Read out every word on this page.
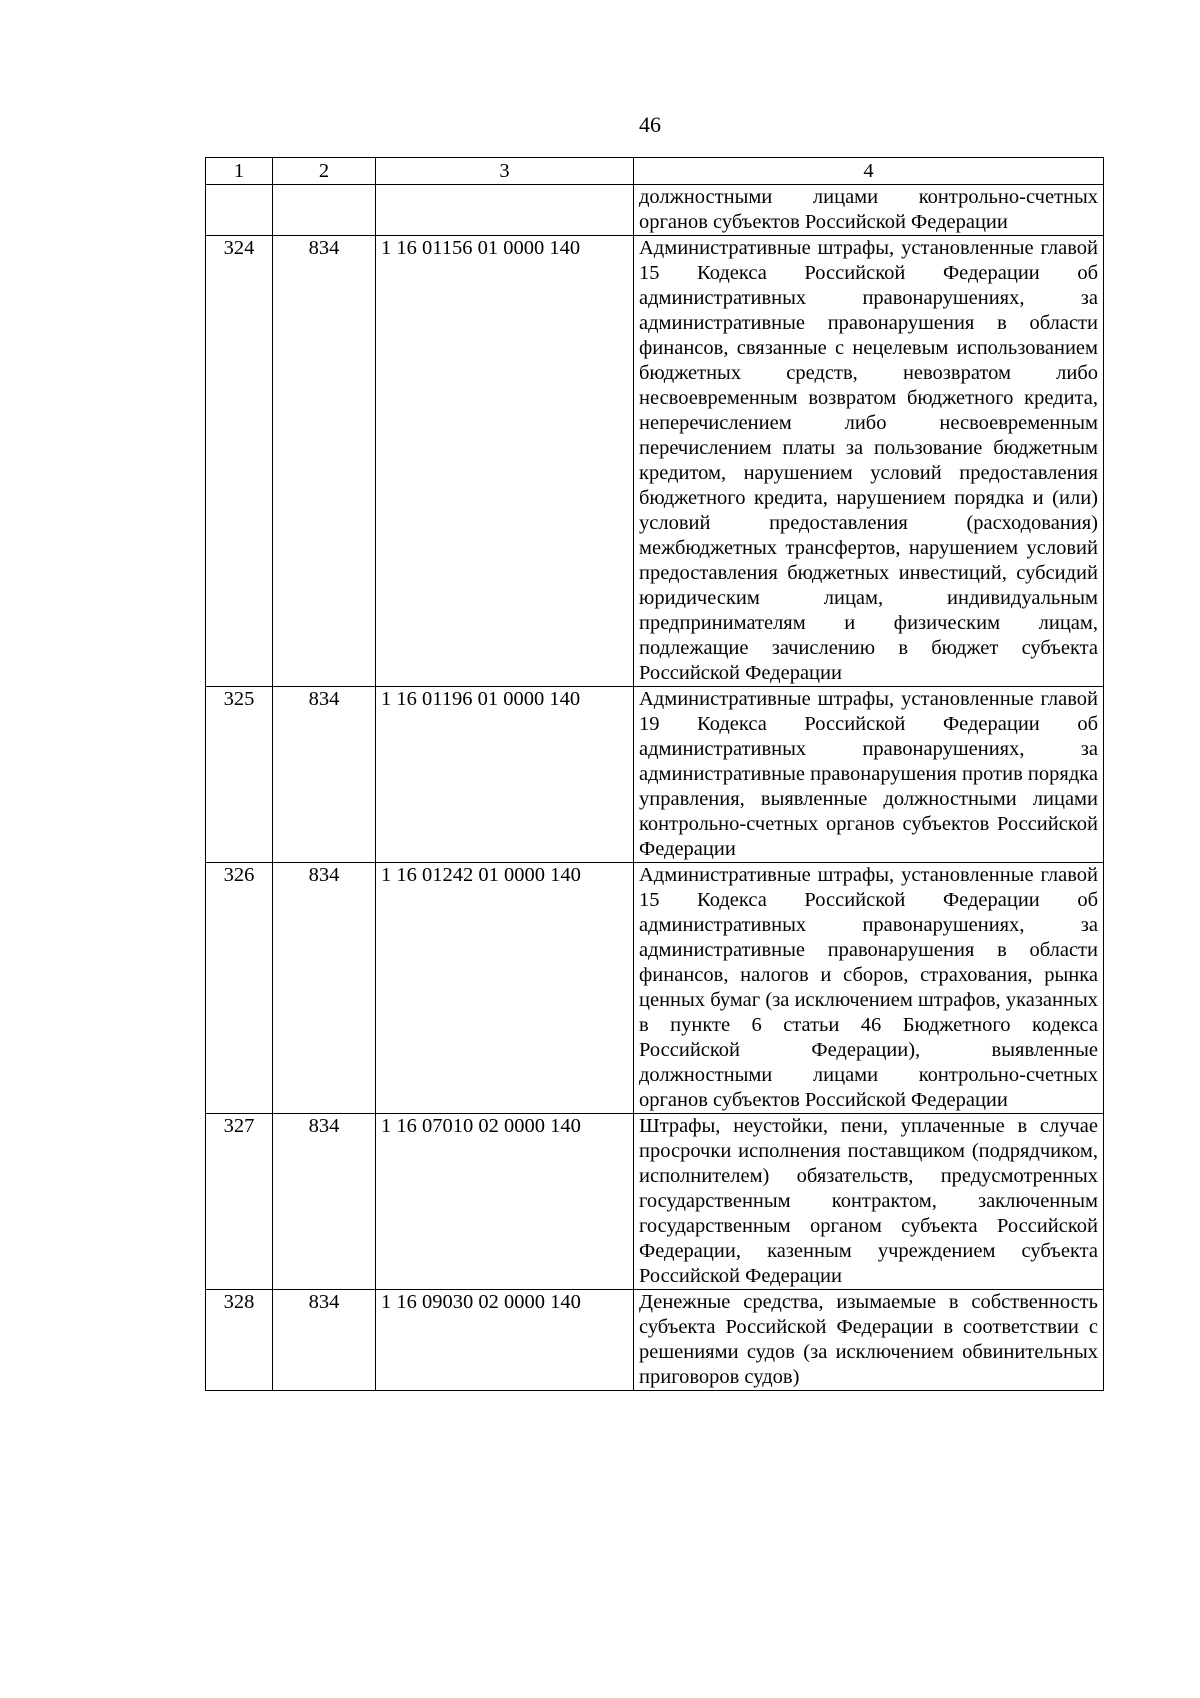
46
1	2	3	4
			должностными лицами контрольно-счетных органов субъектов Российской Федерации
324	834	1 16 01156 01 0000 140	Административные штрафы, установленные главой 15 Кодекса Российской Федерации об административных правонарушениях, за административные правонарушения в области финансов, связанные с нецелевым использованием бюджетных средств, невозвратом либо несвоевременным возвратом бюджетного кредита, неперечислением либо несвоевременным перечислением платы за пользование бюджетным кредитом, нарушением условий предоставления бюджетного кредита, нарушением порядка и (или) условий предоставления (расходования) межбюджетных трансфертов, нарушением условий предоставления бюджетных инвестиций, субсидий юридическим лицам, индивидуальным предпринимателям и физическим лицам, подлежащие зачислению в бюджет субъекта Российской Федерации
325	834	1 16 01196 01 0000 140	Административные штрафы, установленные главой 19 Кодекса Российской Федерации об административных правонарушениях, за административные правонарушения против порядка управления, выявленные должностными лицами контрольно-счетных органов субъектов Российской Федерации
326	834	1 16 01242 01 0000 140	Административные штрафы, установленные главой 15 Кодекса Российской Федерации об административных правонарушениях, за административные правонарушения в области финансов, налогов и сборов, страхования, рынка ценных бумаг (за исключением штрафов, указанных в пункте 6 статьи 46 Бюджетного кодекса Российской Федерации), выявленные должностными лицами контрольно-счетных органов субъектов Российской Федерации
327	834	1 16 07010 02 0000 140	Штрафы, неустойки, пени, уплаченные в случае просрочки исполнения поставщиком (подрядчиком, исполнителем) обязательств, предусмотренных государственным контрактом, заключенным государственным органом субъекта Российской Федерации, казенным учреждением субъекта Российской Федерации
328	834	1 16 09030 02 0000 140	Денежные средства, изымаемые в собственность субъекта Российской Федерации в соответствии с решениями судов (за исключением обвинительных приговоров судов)
